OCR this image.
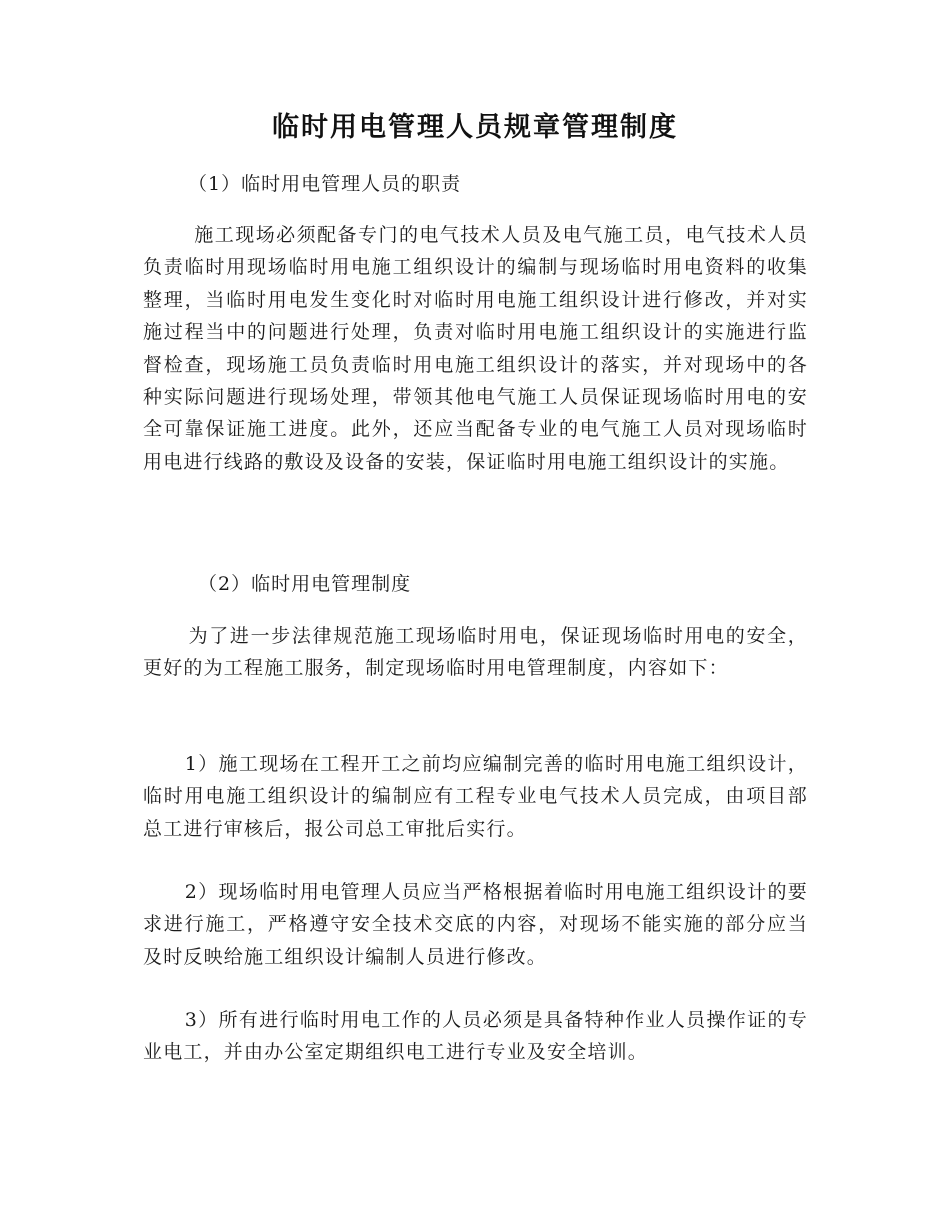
临时用电管理人员规章管理制度

（1）临时用电管理人员的职责

施工现场必须配备专门的电气技术人员及电气施工员，电气技术人员负责临时用现场临时用电施工组织设计的编制与现场临时用电资料的收集整理，当临时用电发生变化时对临时用电施工组织设计进行修改，并对实施过程当中的问题进行处理，负责对临时用电施工组织设计的实施进行监督检查，现场施工员负责临时用电施工组织设计的落实，并对现场中的各种实际问题进行现场处理，带领其他电气施工人员保证现场临时用电的安全可靠保证施工进度。此外，还应当配备专业的电气施工人员对现场临时用电进行线路的敷设及设备的安装，保证临时用电施工组织设计的实施。

（2）临时用电管理制度

为了进一步法律规范施工现场临时用电，保证现场临时用电的安全，更好的为工程施工服务，制定现场临时用电管理制度，内容如下：

1）施工现场在工程开工之前均应编制完善的临时用电施工组织设计，临时用电施工组织设计的编制应有工程专业电气技术人员完成，由项目部总工进行审核后，报公司总工审批后实行。

2）现场临时用电管理人员应当严格根据着临时用电施工组织设计的要求进行施工，严格遵守安全技术交底的内容，对现场不能实施的部分应当及时反映给施工组织设计编制人员进行修改。

3）所有进行临时用电工作的人员必须是具备特种作业人员操作证的专业电工，并由办公室定期组织电工进行专业及安全培训。
